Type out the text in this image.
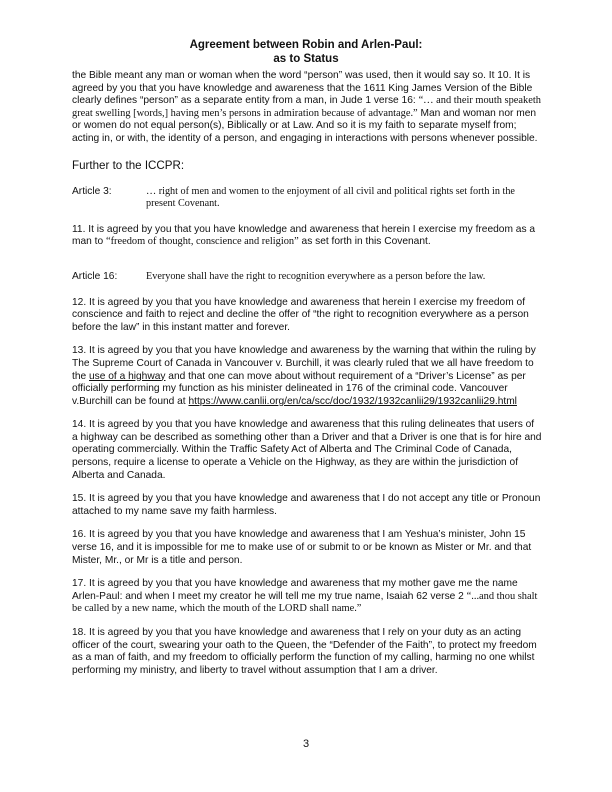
Agreement between Robin and Arlen-Paul:
as to Status

the Bible meant any man or woman when the word “person” was used, then it would say so. It 10. It is agreed by you that you have knowledge and awareness that the 1611 King James Version of the Bible clearly defines “person” as a separate entity from a man, in Jude 1 verse 16: “… and their mouth speaketh great swelling [words,] having men’s persons in admiration because of advantage.” Man and woman nor men or women do not equal person(s), Biblically or at Law. And so it is my faith to separate myself from; acting in, or with, the identity of a person, and engaging in interactions with persons whenever possible.

Further to the ICCPR:

Article 3:	… right of men and women to the enjoyment of all civil and political rights set forth in the present Covenant.

11. It is agreed by you that you have knowledge and awareness that herein I exercise my freedom as a man to “freedom of thought, conscience and religion” as set forth in this Covenant.

Article 16:	Everyone shall have the right to recognition everywhere as a person before the law.

12. It is agreed by you that you have knowledge and awareness that herein I exercise my freedom of conscience and faith to reject and decline the offer of “the right to recognition everywhere as a person before the law” in this instant matter and forever.

13. It is agreed by you that you have knowledge and awareness by the warning that within the ruling by The Supreme Court of Canada in Vancouver v. Burchill, it was clearly ruled that we all have freedom to the use of a highway and that one can move about without requirement of a “Driver’s License” as per officially performing my function as his minister delineated in 176 of the criminal code. Vancouver v.Burchill can be found at https://www.canlii.org/en/ca/scc/doc/1932/1932canlii29/1932canlii29.html

14. It is agreed by you that you have knowledge and awareness that this ruling delineates that users of a highway can be described as something other than a Driver and that a Driver is one that is for hire and operating commercially. Within the Traffic Safety Act of Alberta and The Criminal Code of Canada, persons, require a license to operate a Vehicle on the Highway, as they are within the jurisdiction of Alberta and Canada.

15. It is agreed by you that you have knowledge and awareness that I do not accept any title or Pronoun attached to my name save my faith harmless.

16. It is agreed by you that you have knowledge and awareness that I am Yeshua’s minister, John 15 verse 16, and it is impossible for me to make use of or submit to or be known as Mister or Mr. and that Mister, Mr., or Mr is a title and person.

17. It is agreed by you that you have knowledge and awareness that my mother gave me the name Arlen-Paul: and when I meet my creator he will tell me my true name, Isaiah 62 verse 2 “...and thou shalt be called by a new name, which the mouth of the LORD shall name.”

18. It is agreed by you that you have knowledge and awareness that I rely on your duty as an acting officer of the court, swearing your oath to the Queen, the “Defender of the Faith”, to protect my freedom as a man of faith, and my freedom to officially perform the function of my calling, harming no one whilst performing my ministry, and liberty to travel without assumption that I am a driver.

3
